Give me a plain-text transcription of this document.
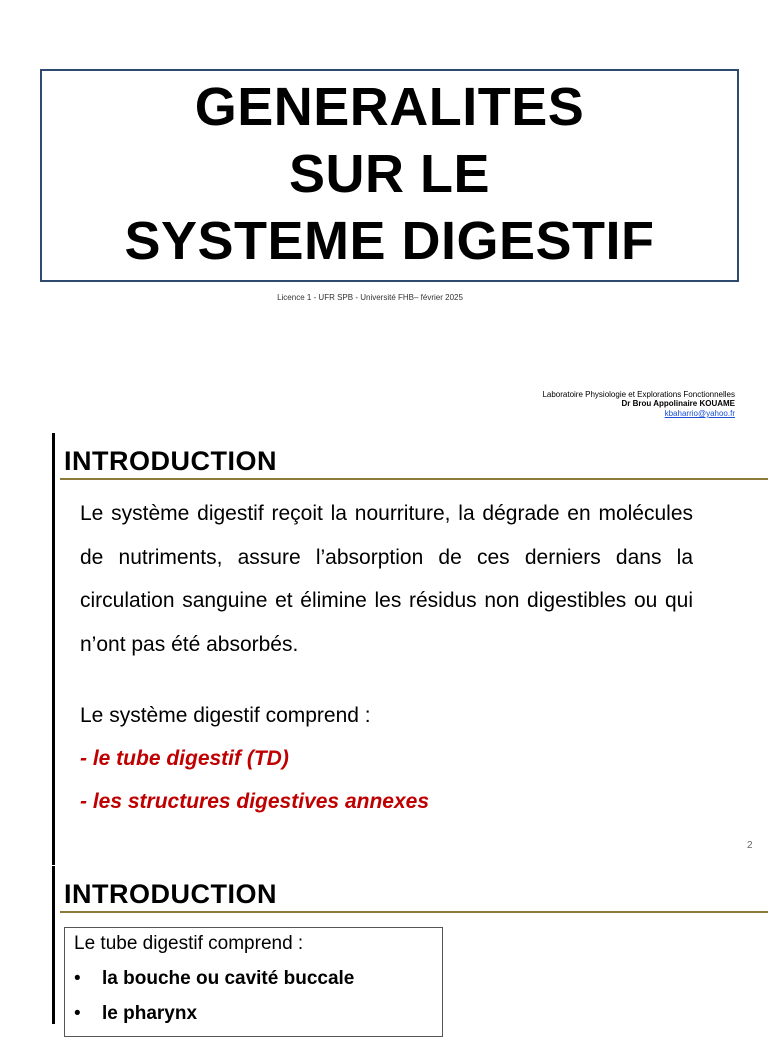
GENERALITES
SUR LE
SYSTEME DIGESTIF
Licence 1 - UFR SPB - Université FHB– février 2025
Laboratoire Physiologie et Explorations Fonctionnelles
Dr Brou Appolinaire KOUAME
kbaharrio@yahoo.fr
INTRODUCTION

Le système digestif reçoit la nourriture, la dégrade en molécules de nutriments, assure l’absorption de ces derniers dans la circulation sanguine et élimine les résidus non digestibles ou qui n’ont pas été absorbés.

Le système digestif comprend :
- le tube digestif (TD)
- les structures digestives annexes
2
INTRODUCTION
Le tube digestif comprend :
• la bouche ou cavité buccale
• le pharynx
